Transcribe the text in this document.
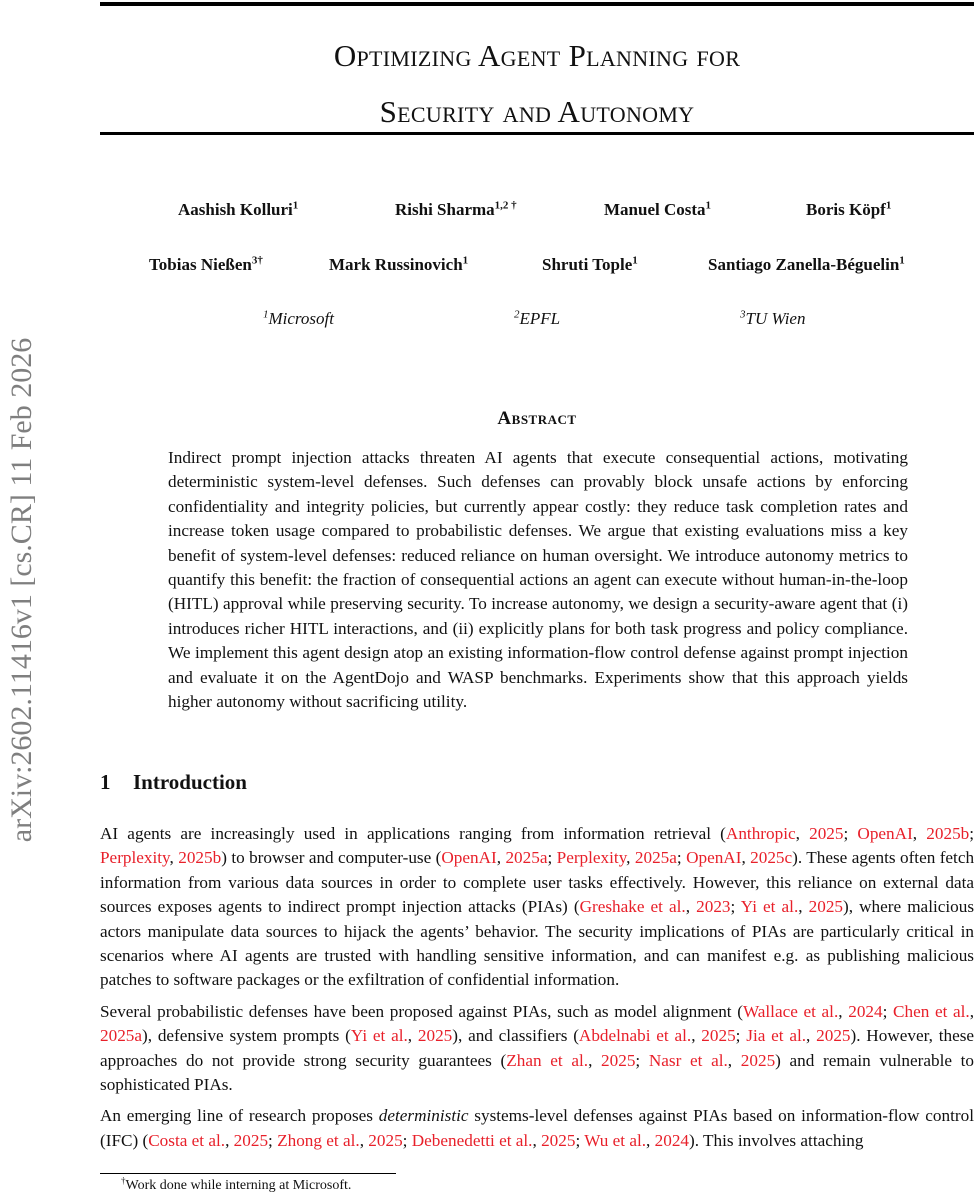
arXiv:2602.11416v1 [cs.CR] 11 Feb 2026
Optimizing Agent Planning for
Security and Autonomy
Aashish Kolluri$^1$	Rishi Sharma$^{1,2 \dagger}$	Manuel Costa$^1$	Boris Köpf$^1$
Tobias Nießen$^{3\dagger}$	Mark Russinovich$^1$	Shruti Tople$^1$	Santiago Zanella-Béguelin$^1$
$^1$Microsoft	$^2$EPFL	$^3$TU Wien
Abstract
Indirect prompt injection attacks threaten AI agents that execute consequential actions, motivating deterministic system-level defenses. Such defenses can provably block unsafe actions by enforcing confidentiality and integrity policies, but currently appear costly: they reduce task completion rates and increase token usage compared to probabilistic defenses. We argue that existing evaluations miss a key benefit of system-level defenses: reduced reliance on human oversight. We introduce autonomy metrics to quantify this benefit: the fraction of consequential actions an agent can execute without human-in-the-loop (HITL) approval while preserving security. To increase autonomy, we design a security-aware agent that (i) introduces richer HITL interactions, and (ii) explicitly plans for both task progress and policy compliance. We implement this agent design atop an existing information-flow control defense against prompt injection and evaluate it on the AgentDojo and WASP benchmarks. Experiments show that this approach yields higher autonomy without sacrificing utility.
1 Introduction

AI agents are increasingly used in applications ranging from information retrieval (Anthropic, 2025; OpenAI, 2025b; Perplexity, 2025b) to browser and computer-use (OpenAI, 2025a; Perplexity, 2025a; OpenAI, 2025c). These agents often fetch information from various data sources in order to complete user tasks effectively. However, this reliance on external data sources exposes agents to indirect prompt injection attacks (PIAs) (Greshake et al., 2023; Yi et al., 2025), where malicious actors manipulate data sources to hijack the agents’ behavior. The security implications of PIAs are particularly critical in scenarios where AI agents are trusted with handling sensitive information, and can manifest e.g. as publishing malicious patches to software packages or the exfiltration of confidential information.

Several probabilistic defenses have been proposed against PIAs, such as model alignment (Wallace et al., 2024; Chen et al., 2025a), defensive system prompts (Yi et al., 2025), and classifiers (Abdelnabi et al., 2025; Jia et al., 2025). However, these approaches do not provide strong security guarantees (Zhan et al., 2025; Nasr et al., 2025) and remain vulnerable to sophisticated PIAs.

An emerging line of research proposes deterministic systems-level defenses against PIAs based on information-flow control (IFC) (Costa et al., 2025; Zhong et al., 2025; Debenedetti et al., 2025; Wu et al., 2024). This involves attaching

†Work done while interning at Microsoft.
